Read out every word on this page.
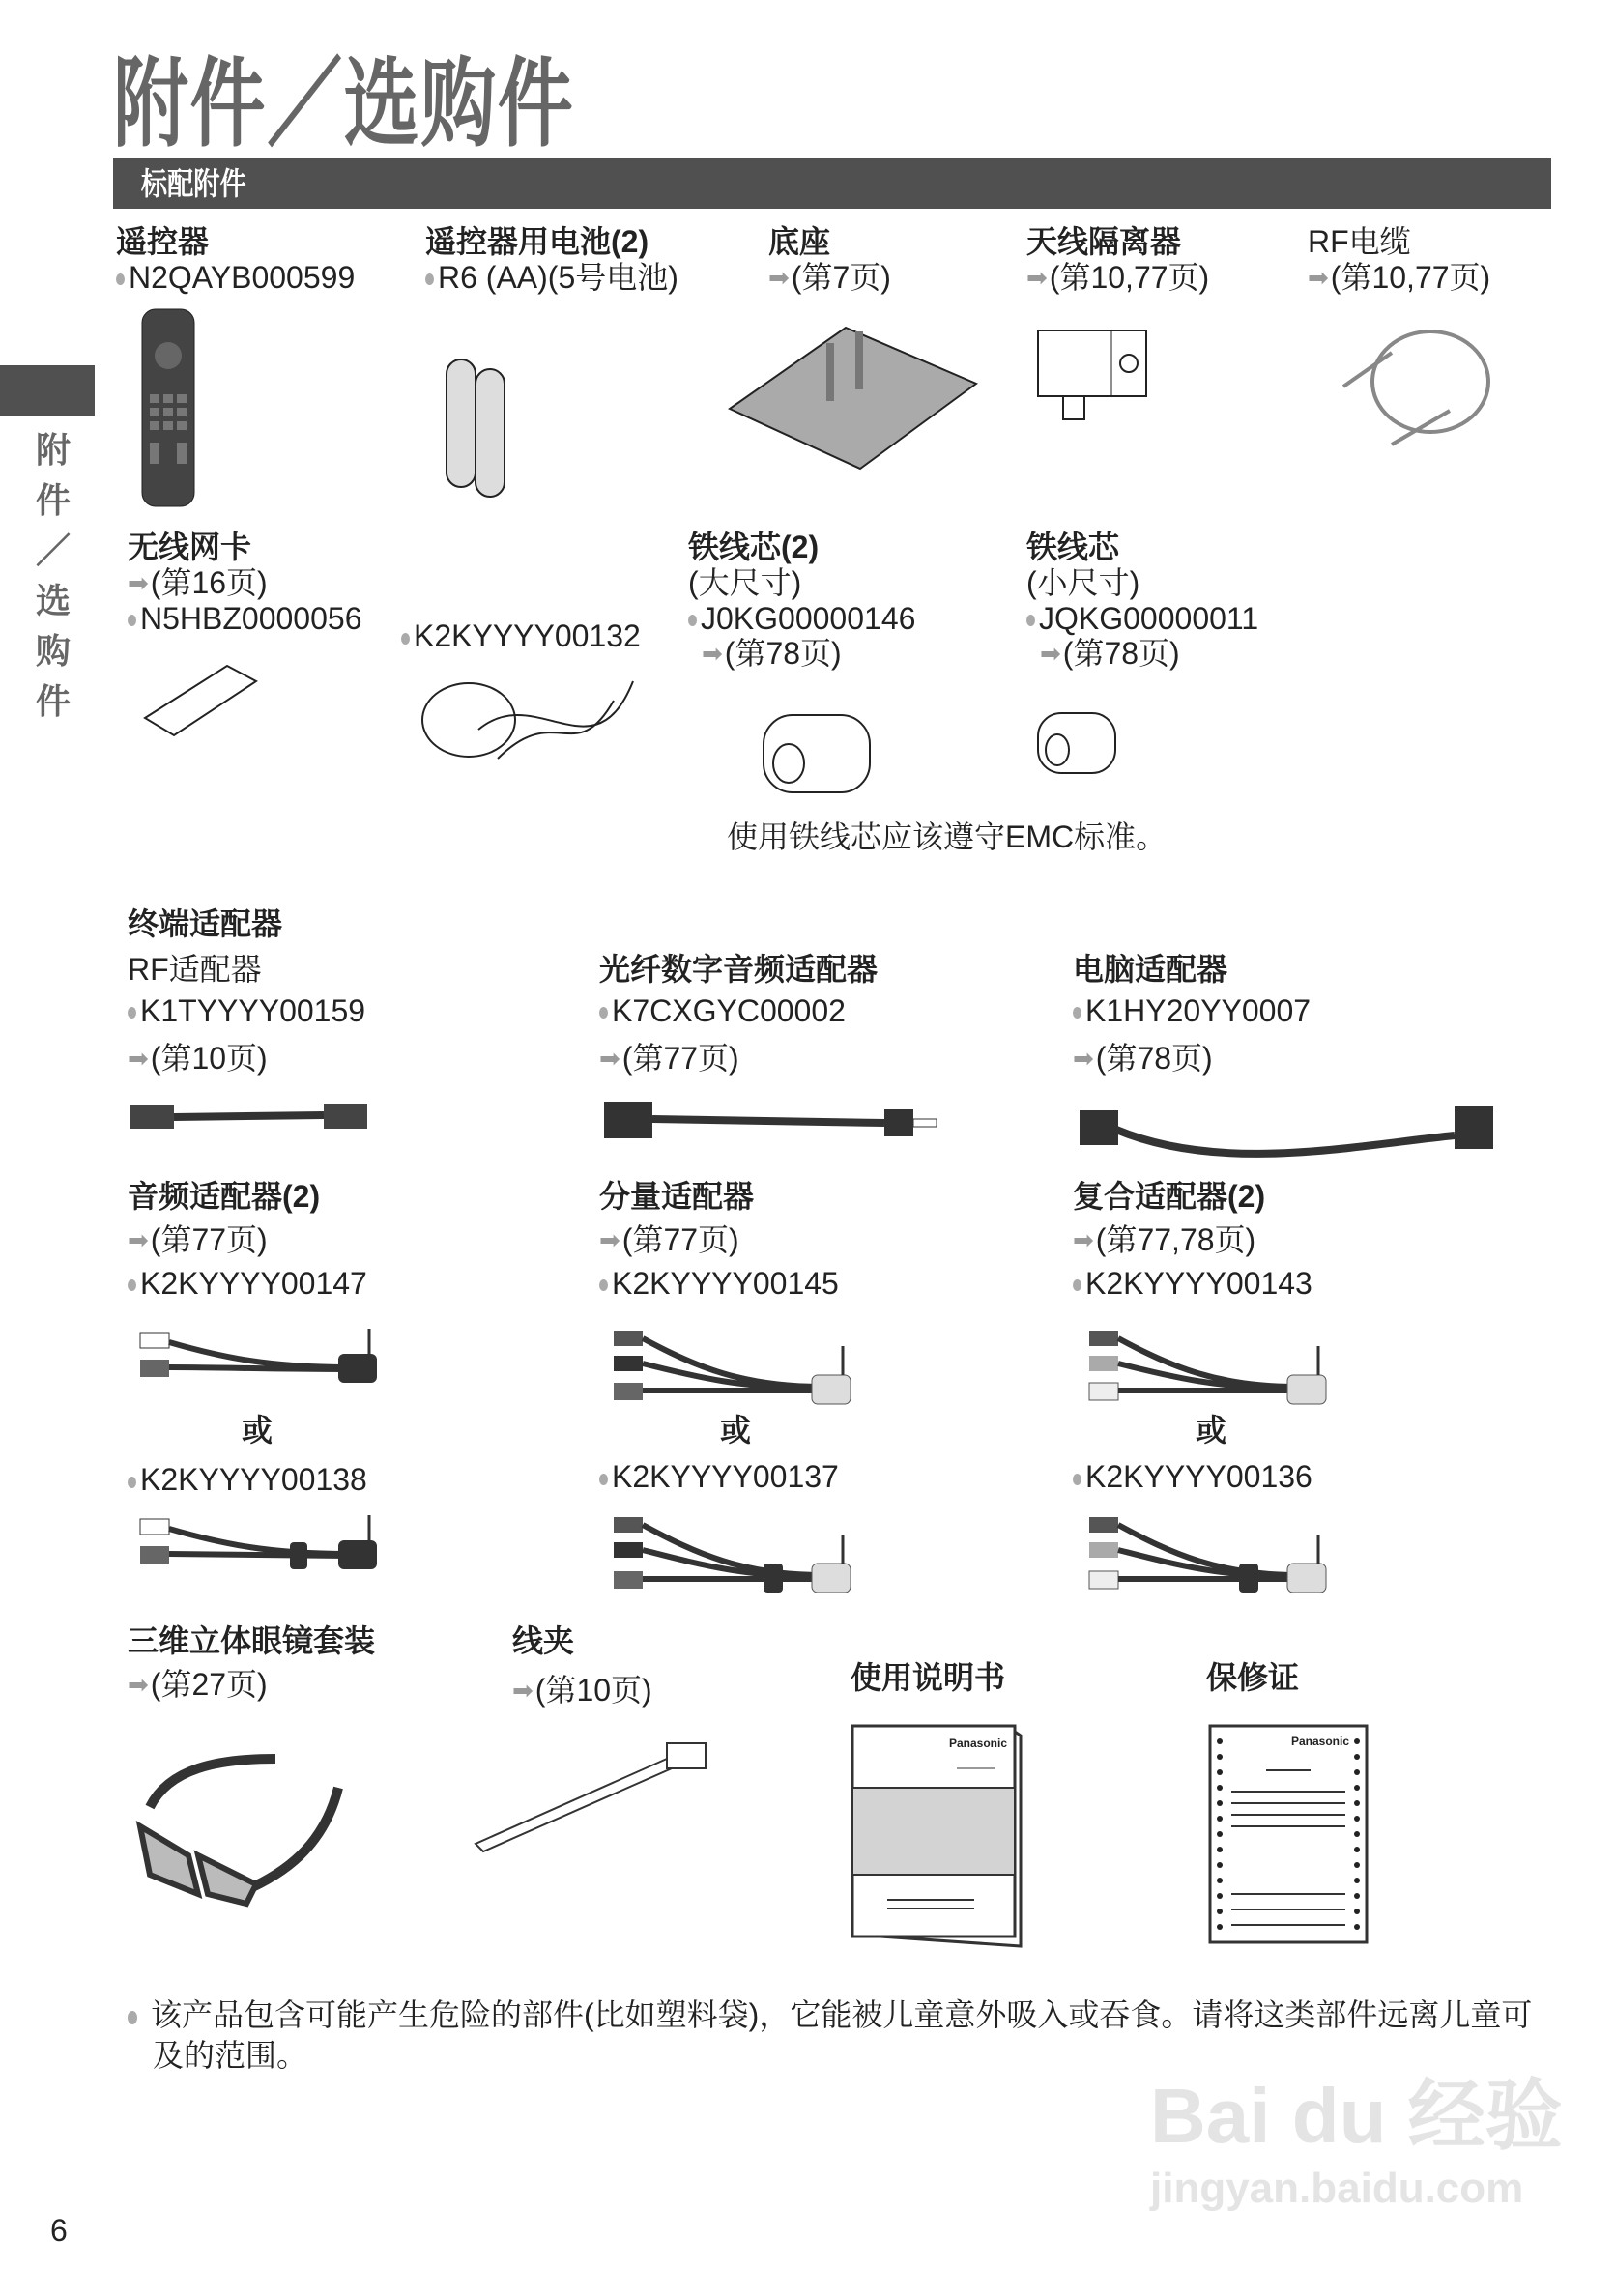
附件／选购件
标配附件
附
件
／
选
购
件
遥控器
N2QAYB000599
遥控器用电池(2)
R6 (AA)(5号电池)
底座
➡(第7页)
天线隔离器
➡(第10,77页)
RF电缆
➡(第10,77页)
无线网卡
➡(第16页)
N5HBZ0000056
K2KYYYY00132
铁线芯(2)
(大尺寸)
J0KG00000146
➡(第78页)
铁线芯
(小尺寸)
JQKG00000011
➡(第78页)
使用铁线芯应该遵守EMC标准。
终端适配器
RF适配器
K1TYYYY00159
➡(第10页)
光纤数字音频适配器
K7CXGYC00002
➡(第77页)
电脑适配器
K1HY20YY0007
➡(第78页)
音频适配器(2)
➡(第77页)
K2KYYYY00147
分量适配器
➡(第77页)
K2KYYYY00145
复合适配器(2)
➡(第77,78页)
K2KYYYY00143
或	或	或
K2KYYYY00138	K2KYYYY00137	K2KYYYY00136
三维立体眼镜套装
➡(第27页)
线夹
➡(第10页)	使用说明书
Panasonic
保修证
Panasonic
该产品包含可能产生危险的部件(比如塑料袋)，它能被儿童意外吸入或吞食。请将这类部件远离儿童可及的范围。
Bai du 经验
jingyan.baidu.com
6
